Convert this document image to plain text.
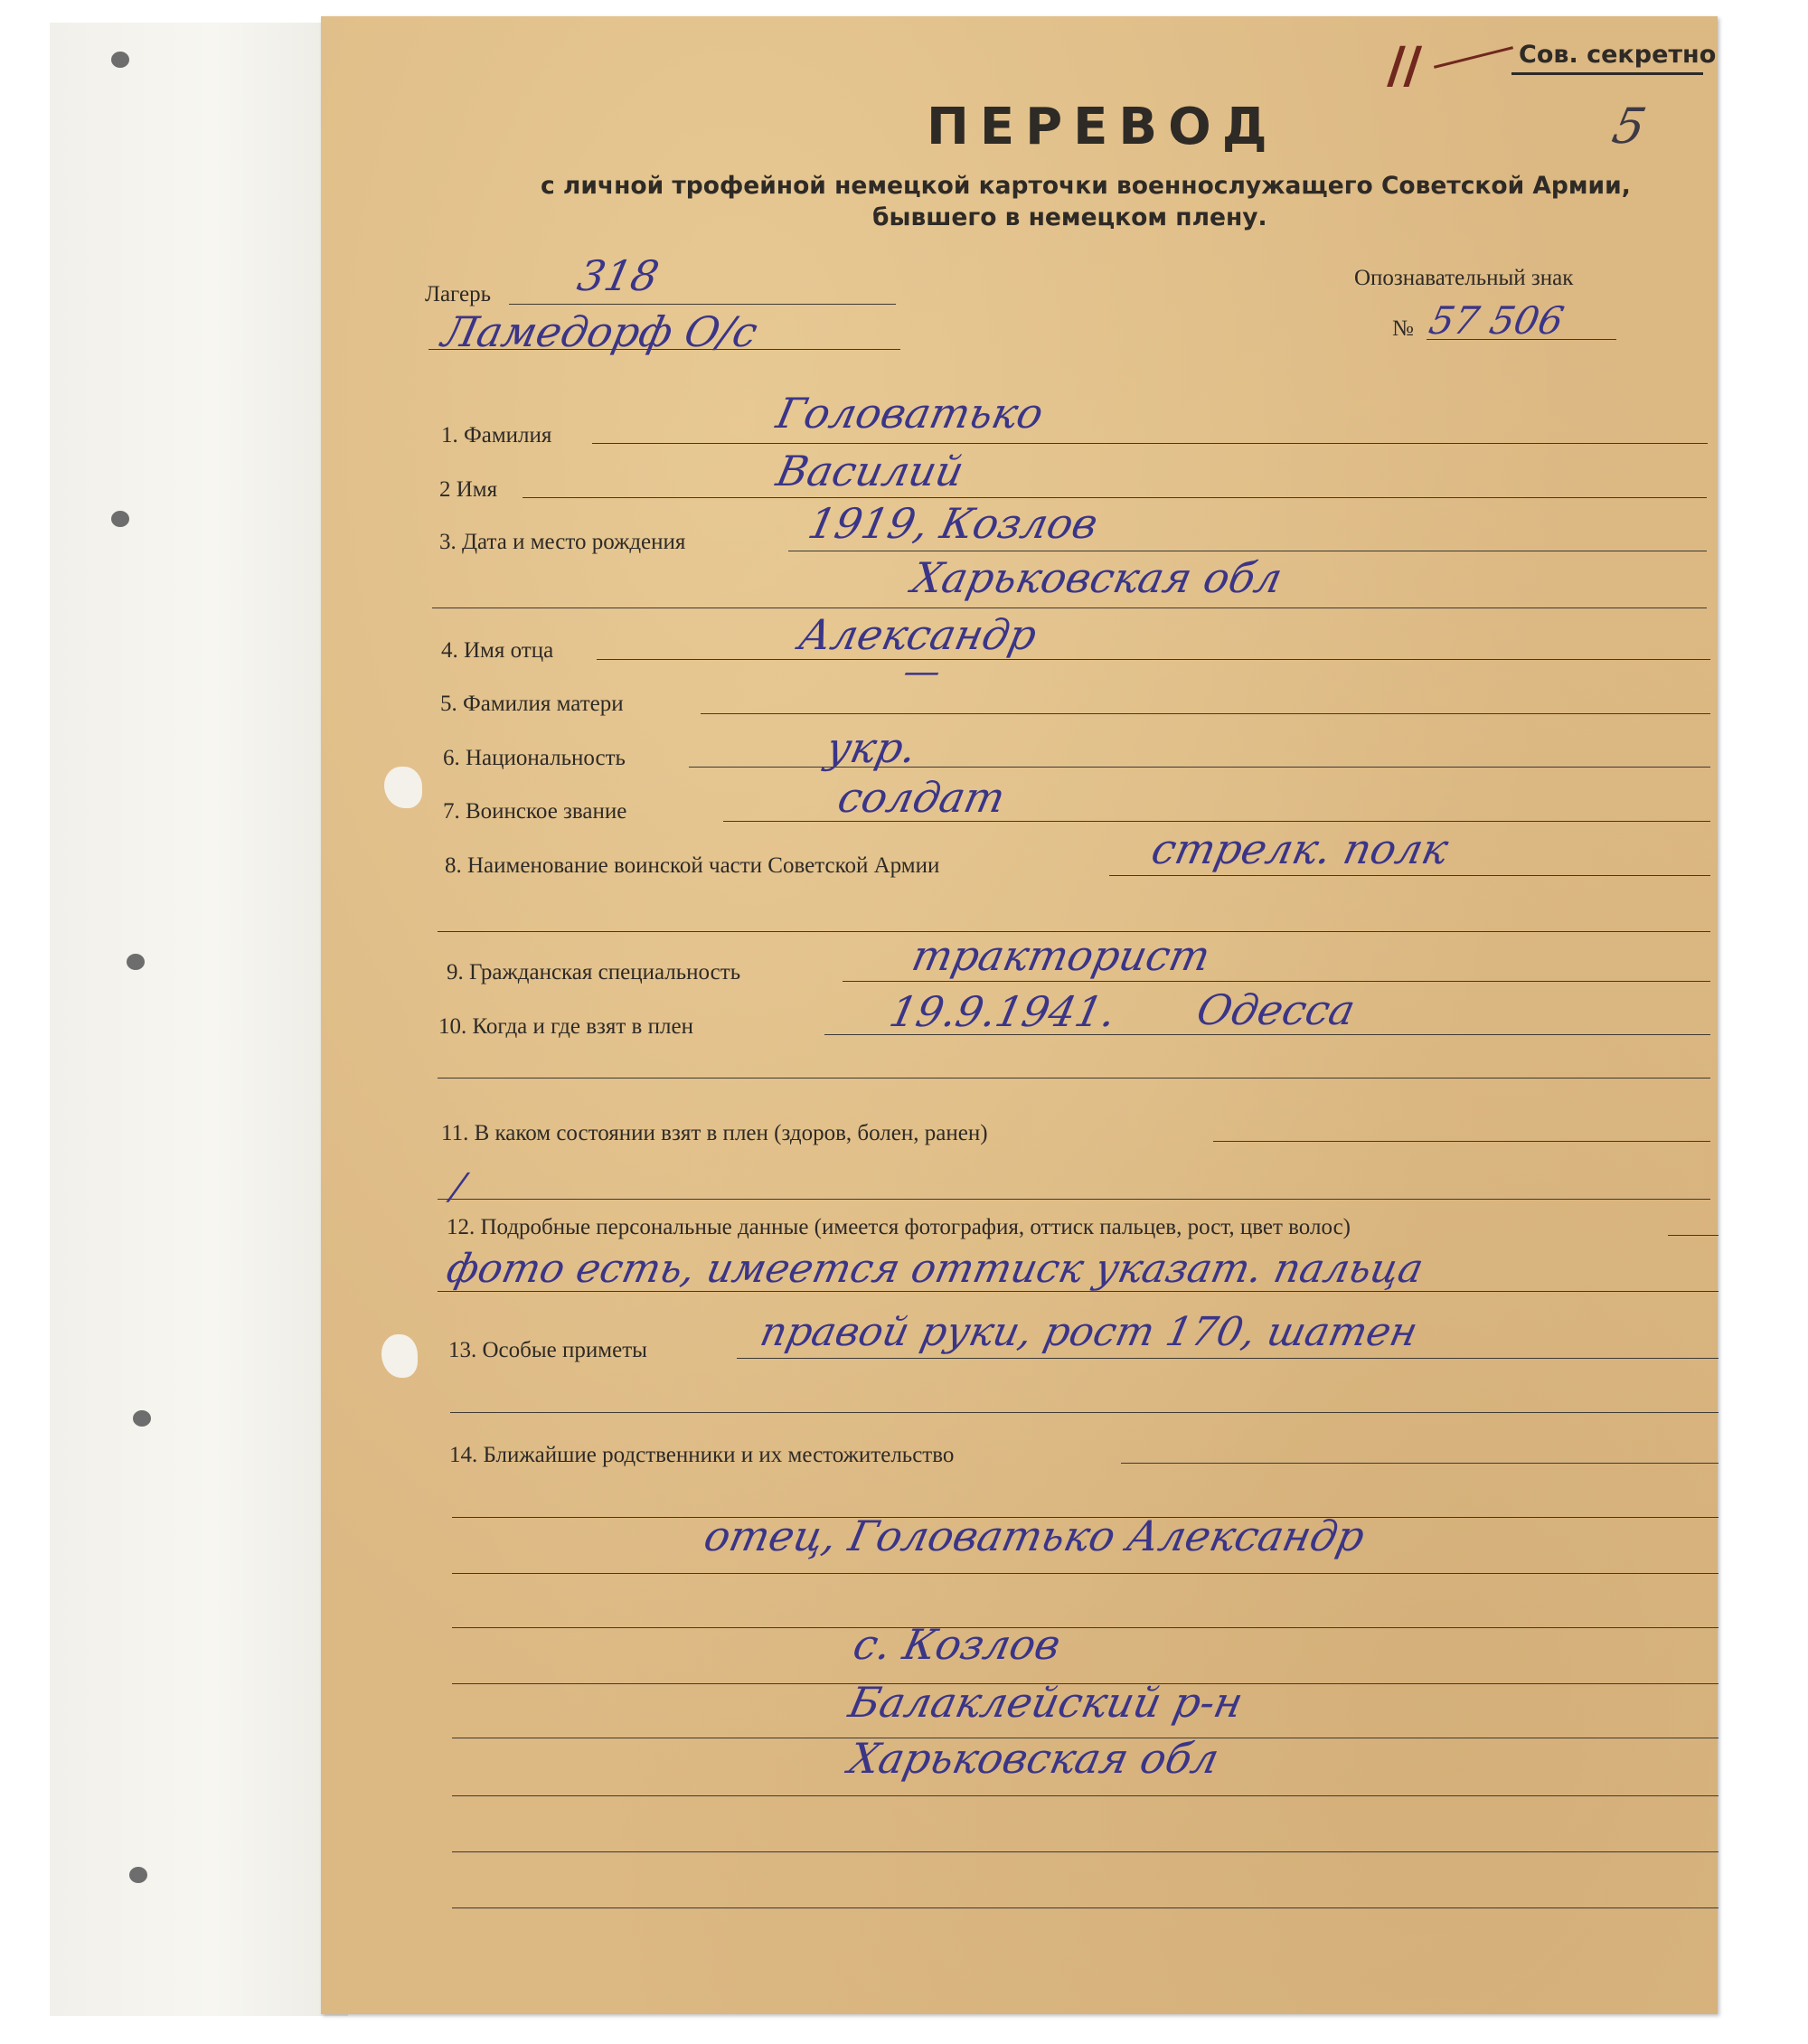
Сов. секретно
II
5
ПЕРЕВОД
с личной трофейной немецкой карточки военнослужащего Советской Армии,
бывшего в немецком плену.
Лагерь 318
Ламедорф О/с
Опознавательный знак
№ 57 506
1. Фамилия	Головатько
2 Имя	Василий
3. Дата и место рождения	1919, Козлов
Харьковская обл
4. Имя отца	Александр
—
5. Фамилия матери
6. Национальность	укр.
7. Воинское звание	солдат
8. Наименование воинской части Советской Армии	стрелк. полк
9. Гражданская специальность	тракторист
10. Когда и где взят в плен	19.9.1941. Одесса
11. В каком состоянии взят в плен (здоров, болен, ранен)
/
12. Подробные персональные данные (имеется фотография, оттиск пальцев, рост, цвет волос)
фото есть, имеется оттиск указат. пальца
13. Особые приметы	правой руки, рост 170, шатен
14. Ближайшие родственники и их местожительство
отец, Головатько Александр
с. Козлов
Балаклейский р-н
Харьковская обл
